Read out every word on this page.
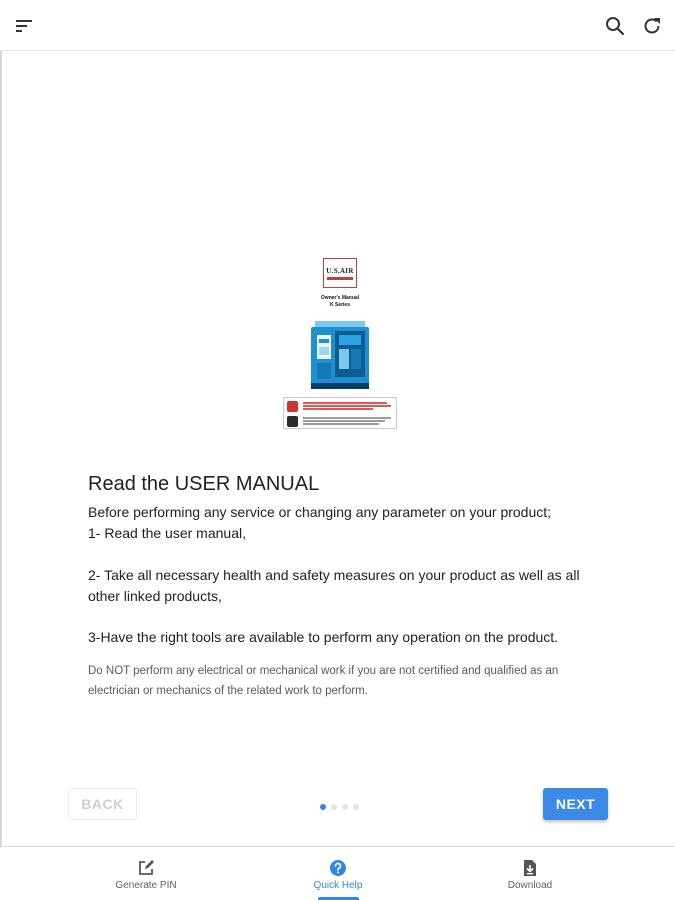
U.S.AIR
Owner's Manual
K Series
Read the USER MANUAL
Before performing any service or changing any parameter on your product;
1- Read the user manual,
2- Take all necessary health and safety measures on your product as well as all other linked products,
3-Have the right tools are available to perform any operation on the product.
Do NOT perform any electrical or mechanical work if you are not certified and qualified as an electrician or mechanics of the related work to perform.
BACK	NEXT
Generate PIN	Quick Help	Download
